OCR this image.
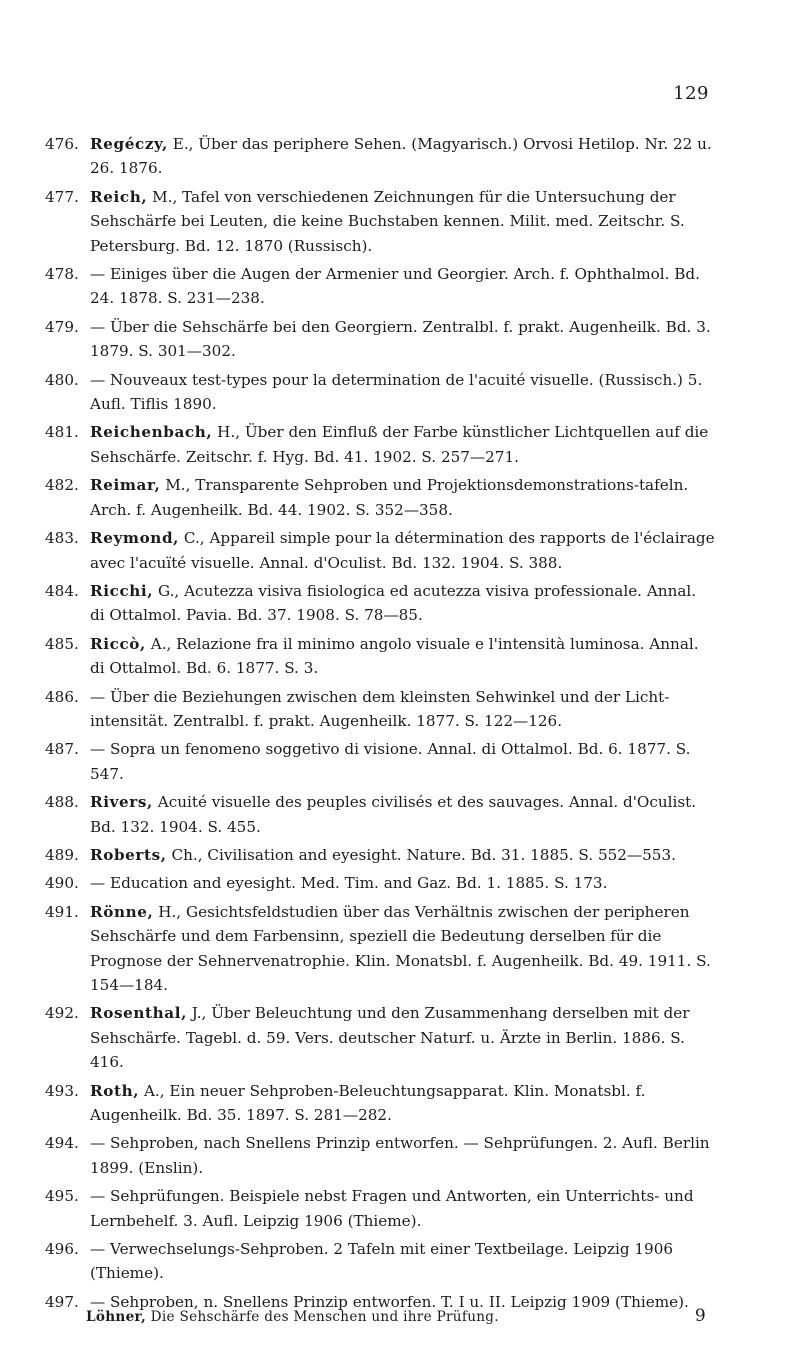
129
476. Regéczy, E., Über das periphere Sehen. (Magyarisch.) Orvosi Hetilop. Nr. 22 u. 26. 1876.
477. Reich, M., Tafel von verschiedenen Zeichnungen für die Untersuchung der Sehschärfe bei Leuten, die keine Buchstaben kennen. Milit. med. Zeitschr. S. Petersburg. Bd. 12. 1870 (Russisch).
478. — Einiges über die Augen der Armenier und Georgier. Arch. f. Ophthalmol. Bd. 24. 1878. S. 231—238.
479. — Über die Sehschärfe bei den Georgiern. Zentralbl. f. prakt. Augenheilk. Bd. 3. 1879. S. 301—302.
480. — Nouveaux test-types pour la determination de l'acuité visuelle. (Russisch.) 5. Aufl. Tiflis 1890.
481. Reichenbach, H., Über den Einfluß der Farbe künstlicher Lichtquellen auf die Sehschärfe. Zeitschr. f. Hyg. Bd. 41. 1902. S. 257—271.
482. Reimar, M., Transparente Sehproben und Projektionsdemonstrations-tafeln. Arch. f. Augenheilk. Bd. 44. 1902. S. 352—358.
483. Reymond, C., Appareil simple pour la détermination des rapports de l'éclairage avec l'acuïté visuelle. Annal. d'Oculist. Bd. 132. 1904. S. 388.
484. Ricchi, G., Acutezza visiva fisiologica ed acutezza visiva professionale. Annal. di Ottalmol. Pavia. Bd. 37. 1908. S. 78—85.
485. Riccò, A., Relazione fra il minimo angolo visuale e l'intensità luminosa. Annal. di Ottalmol. Bd. 6. 1877. S. 3.
486. — Über die Beziehungen zwischen dem kleinsten Sehwinkel und der Licht-intensität. Zentralbl. f. prakt. Augenheilk. 1877. S. 122—126.
487. — Sopra un fenomeno soggetivo di visione. Annal. di Ottalmol. Bd. 6. 1877. S. 547.
488. Rivers, Acuité visuelle des peuples civilisés et des sauvages. Annal. d'Oculist. Bd. 132. 1904. S. 455.
489. Roberts, Ch., Civilisation and eyesight. Nature. Bd. 31. 1885. S. 552—553.
490. — Education and eyesight. Med. Tim. and Gaz. Bd. 1. 1885. S. 173.
491. Rönne, H., Gesichtsfeldstudien über das Verhältnis zwischen der peripheren Sehschärfe und dem Farbensinn, speziell die Bedeutung derselben für die Prognose der Sehnervenatrophie. Klin. Monatsbl. f. Augenheilk. Bd. 49. 1911. S. 154—184.
492. Rosenthal, J., Über Beleuchtung und den Zusammenhang derselben mit der Sehschärfe. Tagebl. d. 59. Vers. deutscher Naturf. u. Ärzte in Berlin. 1886. S. 416.
493. Roth, A., Ein neuer Sehproben-Beleuchtungsapparat. Klin. Monatsbl. f. Augenheilk. Bd. 35. 1897. S. 281—282.
494. — Sehproben, nach Snellens Prinzip entworfen. — Sehprüfungen. 2. Aufl. Berlin 1899. (Enslin).
495. — Sehprüfungen. Beispiele nebst Fragen und Antworten, ein Unterrichts- und Lernbehelf. 3. Aufl. Leipzig 1906 (Thieme).
496. — Verwechselungs-Sehproben. 2 Tafeln mit einer Textbeilage. Leipzig 1906 (Thieme).
497. — Sehproben, n. Snellens Prinzip entworfen. T. I u. II. Leipzig 1909 (Thieme).
Löhner, Die Sehschärfe des Menschen und ihre Prüfung.	9
